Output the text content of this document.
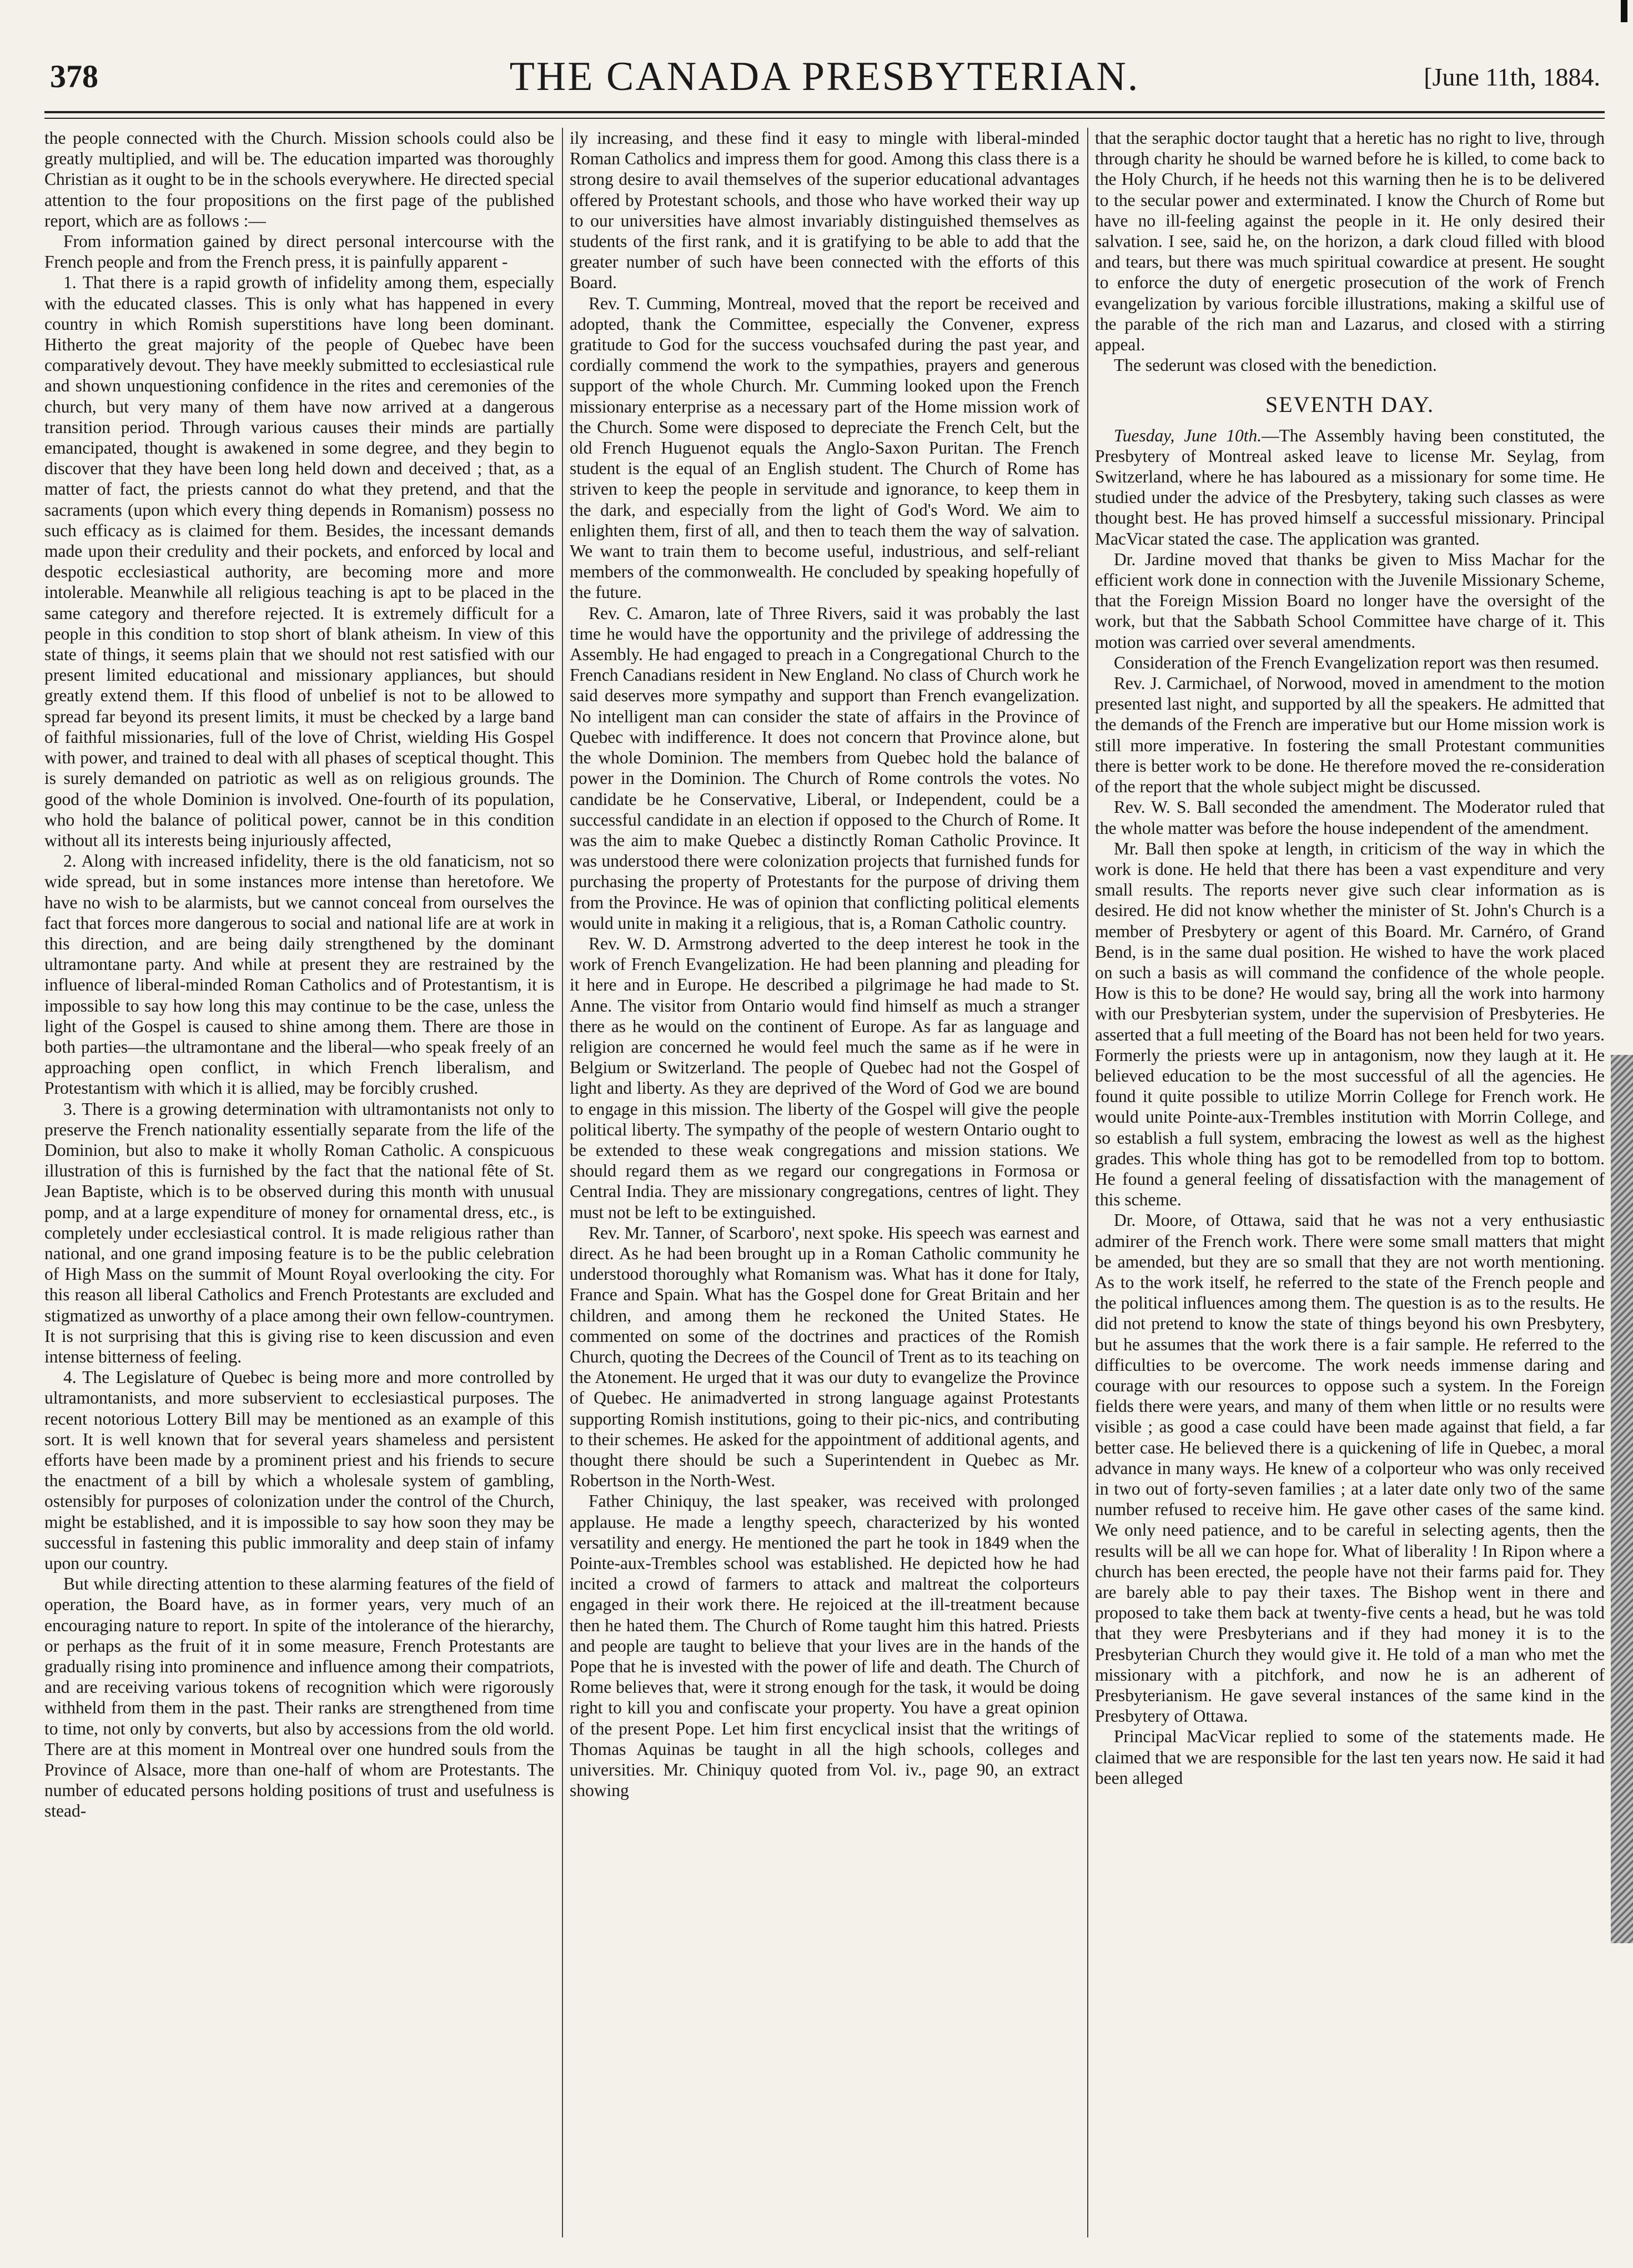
378	THE CANADA PRESBYTERIAN.	[June 11th, 1884.

the people connected with the Church. Mission schools could also be greatly multiplied, and will be. The education imparted was thoroughly Christian as it ought to be in the schools everywhere. He directed special attention to the four propositions on the first page of the published report, which are as follows :—

From information gained by direct personal intercourse with the French people and from the French press, it is painfully apparent -

1. That there is a rapid growth of infidelity among them, especially with the educated classes. This is only what has happened in every country in which Romish superstitions have long been dominant. Hitherto the great majority of the people of Quebec have been comparatively devout. They have meekly submitted to ecclesiastical rule and shown unquestioning confidence in the rites and ceremonies of the church, but very many of them have now arrived at a dangerous transition period. Through various causes their minds are partially emancipated, thought is awakened in some degree, and they begin to discover that they have been long held down and deceived ; that, as a matter of fact, the priests cannot do what they pretend, and that the sacraments (upon which every thing depends in Romanism) possess no such efficacy as is claimed for them. Besides, the incessant demands made upon their credulity and their pockets, and enforced by local and despotic ecclesiastical authority, are becoming more and more intolerable. Meanwhile all religious teaching is apt to be placed in the same category and therefore rejected. It is extremely difficult for a people in this condition to stop short of blank atheism. In view of this state of things, it seems plain that we should not rest satisfied with our present limited educational and missionary appliances, but should greatly extend them. If this flood of unbelief is not to be allowed to spread far beyond its present limits, it must be checked by a large band of faithful missionaries, full of the love of Christ, wielding His Gospel with power, and trained to deal with all phases of sceptical thought. This is surely demanded on patriotic as well as on religious grounds. The good of the whole Dominion is involved. One-fourth of its population, who hold the balance of political power, cannot be in this condition without all its interests being injuriously affected,

2. Along with increased infidelity, there is the old fanaticism, not so wide spread, but in some instances more intense than heretofore. We have no wish to be alarmists, but we cannot conceal from ourselves the fact that forces more dangerous to social and national life are at work in this direction, and are being daily strengthened by the dominant ultramontane party. And while at present they are restrained by the influence of liberal-minded Roman Catholics and of Protestantism, it is impossible to say how long this may continue to be the case, unless the light of the Gospel is caused to shine among them. There are those in both parties—the ultramontane and the liberal—who speak freely of an approaching open conflict, in which French liberalism, and Protestantism with which it is allied, may be forcibly crushed.

3. There is a growing determination with ultramontanists not only to preserve the French nationality essentially separate from the life of the Dominion, but also to make it wholly Roman Catholic. A conspicuous illustration of this is furnished by the fact that the national fête of St. Jean Baptiste, which is to be observed during this month with unusual pomp, and at a large expenditure of money for ornamental dress, etc., is completely under ecclesiastical control. It is made religious rather than national, and one grand imposing feature is to be the public celebration of High Mass on the summit of Mount Royal overlooking the city. For this reason all liberal Catholics and French Protestants are excluded and stigmatized as unworthy of a place among their own fellow-countrymen. It is not surprising that this is giving rise to keen discussion and even intense bitterness of feeling.

4. The Legislature of Quebec is being more and more controlled by ultramontanists, and more subservient to ecclesiastical purposes. The recent notorious Lottery Bill may be mentioned as an example of this sort. It is well known that for several years shameless and persistent efforts have been made by a prominent priest and his friends to secure the enactment of a bill by which a wholesale system of gambling, ostensibly for purposes of colonization under the control of the Church, might be established, and it is impossible to say how soon they may be successful in fastening this public immorality and deep stain of infamy upon our country.

But while directing attention to these alarming features of the field of operation, the Board have, as in former years, very much of an encouraging nature to report. In spite of the intolerance of the hierarchy, or perhaps as the fruit of it in some measure, French Protestants are gradually rising into prominence and influence among their compatriots, and are receiving various tokens of recognition which were rigorously withheld from them in the past. Their ranks are strengthened from time to time, not only by converts, but also by accessions from the old world. There are at this moment in Montreal over one hundred souls from the Province of Alsace, more than one-half of whom are Protestants. The number of educated persons holding positions of trust and usefulness is stead-

ily increasing, and these find it easy to mingle with liberal-minded Roman Catholics and impress them for good. Among this class there is a strong desire to avail themselves of the superior educational advantages offered by Protestant schools, and those who have worked their way up to our universities have almost invariably distinguished themselves as students of the first rank, and it is gratifying to be able to add that the greater number of such have been connected with the efforts of this Board.

Rev. T. Cumming, Montreal, moved that the report be received and adopted, thank the Committee, especially the Convener, express gratitude to God for the success vouchsafed during the past year, and cordially commend the work to the sympathies, prayers and generous support of the whole Church. Mr. Cumming looked upon the French missionary enterprise as a necessary part of the Home mission work of the Church. Some were disposed to depreciate the French Celt, but the old French Huguenot equals the Anglo-Saxon Puritan. The French student is the equal of an English student. The Church of Rome has striven to keep the people in servitude and ignorance, to keep them in the dark, and especially from the light of God's Word. We aim to enlighten them, first of all, and then to teach them the way of salvation. We want to train them to become useful, industrious, and self-reliant members of the commonwealth. He concluded by speaking hopefully of the future.

Rev. C. Amaron, late of Three Rivers, said it was probably the last time he would have the opportunity and the privilege of addressing the Assembly. He had engaged to preach in a Congregational Church to the French Canadians resident in New England. No class of Church work he said deserves more sympathy and support than French evangelization. No intelligent man can consider the state of affairs in the Province of Quebec with indifference. It does not concern that Province alone, but the whole Dominion. The members from Quebec hold the balance of power in the Dominion. The Church of Rome controls the votes. No candidate be he Conservative, Liberal, or Independent, could be a successful candidate in an election if opposed to the Church of Rome. It was the aim to make Quebec a distinctly Roman Catholic Province. It was understood there were colonization projects that furnished funds for purchasing the property of Protestants for the purpose of driving them from the Province. He was of opinion that conflicting political elements would unite in making it a religious, that is, a Roman Catholic country.

Rev. W. D. Armstrong adverted to the deep interest he took in the work of French Evangelization. He had been planning and pleading for it here and in Europe. He described a pilgrimage he had made to St. Anne. The visitor from Ontario would find himself as much a stranger there as he would on the continent of Europe. As far as language and religion are concerned he would feel much the same as if he were in Belgium or Switzerland. The people of Quebec had not the Gospel of light and liberty. As they are deprived of the Word of God we are bound to engage in this mission. The liberty of the Gospel will give the people political liberty. The sympathy of the people of western Ontario ought to be extended to these weak congregations and mission stations. We should regard them as we regard our congregations in Formosa or Central India. They are missionary congregations, centres of light. They must not be left to be extinguished.

Rev. Mr. Tanner, of Scarboro', next spoke. His speech was earnest and direct. As he had been brought up in a Roman Catholic community he understood thoroughly what Romanism was. What has it done for Italy, France and Spain. What has the Gospel done for Great Britain and her children, and among them he reckoned the United States. He commented on some of the doctrines and practices of the Romish Church, quoting the Decrees of the Council of Trent as to its teaching on the Atonement. He urged that it was our duty to evangelize the Province of Quebec. He animadverted in strong language against Protestants supporting Romish institutions, going to their pic-nics, and contributing to their schemes. He asked for the appointment of additional agents, and thought there should be such a Superintendent in Quebec as Mr. Robertson in the North-West.

Father Chiniquy, the last speaker, was received with prolonged applause. He made a lengthy speech, characterized by his wonted versatility and energy. He mentioned the part he took in 1849 when the Pointe-aux-Trembles school was established. He depicted how he had incited a crowd of farmers to attack and maltreat the colporteurs engaged in their work there. He rejoiced at the ill-treatment because then he hated them. The Church of Rome taught him this hatred. Priests and people are taught to believe that your lives are in the hands of the Pope that he is invested with the power of life and death. The Church of Rome believes that, were it strong enough for the task, it would be doing right to kill you and confiscate your property. You have a great opinion of the present Pope. Let him first encyclical insist that the writings of Thomas Aquinas be taught in all the high schools, colleges and universities. Mr. Chiniquy quoted from Vol. iv., page 90, an extract showing

that the seraphic doctor taught that a heretic has no right to live, through through charity he should be warned before he is killed, to come back to the Holy Church, if he heeds not this warning then he is to be delivered to the secular power and exterminated. I know the Church of Rome but have no ill-feeling against the people in it. He only desired their salvation. I see, said he, on the horizon, a dark cloud filled with blood and tears, but there was much spiritual cowardice at present. He sought to enforce the duty of energetic prosecution of the work of French evangelization by various forcible illustrations, making a skilful use of the parable of the rich man and Lazarus, and closed with a stirring appeal.

The sederunt was closed with the benediction.

SEVENTH DAY.

Tuesday, June 10th.—The Assembly having been constituted, the Presbytery of Montreal asked leave to license Mr. Seylag, from Switzerland, where he has laboured as a missionary for some time. He studied under the advice of the Presbytery, taking such classes as were thought best. He has proved himself a successful missionary. Principal MacVicar stated the case. The application was granted.

Dr. Jardine moved that thanks be given to Miss Machar for the efficient work done in connection with the Juvenile Missionary Scheme, that the Foreign Mission Board no longer have the oversight of the work, but that the Sabbath School Committee have charge of it. This motion was carried over several amendments.

Consideration of the French Evangelization report was then resumed.

Rev. J. Carmichael, of Norwood, moved in amendment to the motion presented last night, and supported by all the speakers. He admitted that the demands of the French are imperative but our Home mission work is still more imperative. In fostering the small Protestant communities there is better work to be done. He therefore moved the re-consideration of the report that the whole subject might be discussed.

Rev. W. S. Ball seconded the amendment. The Moderator ruled that the whole matter was before the house independent of the amendment.

Mr. Ball then spoke at length, in criticism of the way in which the work is done. He held that there has been a vast expenditure and very small results. The reports never give such clear information as is desired. He did not know whether the minister of St. John's Church is a member of Presbytery or agent of this Board. Mr. Carnéro, of Grand Bend, is in the same dual position. He wished to have the work placed on such a basis as will command the confidence of the whole people. How is this to be done? He would say, bring all the work into harmony with our Presbyterian system, under the supervision of Presbyteries. He asserted that a full meeting of the Board has not been held for two years. Formerly the priests were up in antagonism, now they laugh at it. He believed education to be the most successful of all the agencies. He found it quite possible to utilize Morrin College for French work. He would unite Pointe-aux-Trembles institution with Morrin College, and so establish a full system, embracing the lowest as well as the highest grades. This whole thing has got to be remodelled from top to bottom. He found a general feeling of dissatisfaction with the management of this scheme.

Dr. Moore, of Ottawa, said that he was not a very enthusiastic admirer of the French work. There were some small matters that might be amended, but they are so small that they are not worth mentioning. As to the work itself, he referred to the state of the French people and the political influences among them. The question is as to the results. He did not pretend to know the state of things beyond his own Presbytery, but he assumes that the work there is a fair sample. He referred to the difficulties to be overcome. The work needs immense daring and courage with our resources to oppose such a system. In the Foreign fields there were years, and many of them when little or no results were visible ; as good a case could have been made against that field, a far better case. He believed there is a quickening of life in Quebec, a moral advance in many ways. He knew of a colporteur who was only received in two out of forty-seven families ; at a later date only two of the same number refused to receive him. He gave other cases of the same kind. We only need patience, and to be careful in selecting agents, then the results will be all we can hope for. What of liberality ! In Ripon where a church has been erected, the people have not their farms paid for. They are barely able to pay their taxes. The Bishop went in there and proposed to take them back at twenty-five cents a head, but he was told that they were Presbyterians and if they had money it is to the Presbyterian Church they would give it. He told of a man who met the missionary with a pitchfork, and now he is an adherent of Presbyterianism. He gave several instances of the same kind in the Presbytery of Ottawa.

Principal MacVicar replied to some of the statements made. He claimed that we are responsible for the last ten years now. He said it had been alleged
